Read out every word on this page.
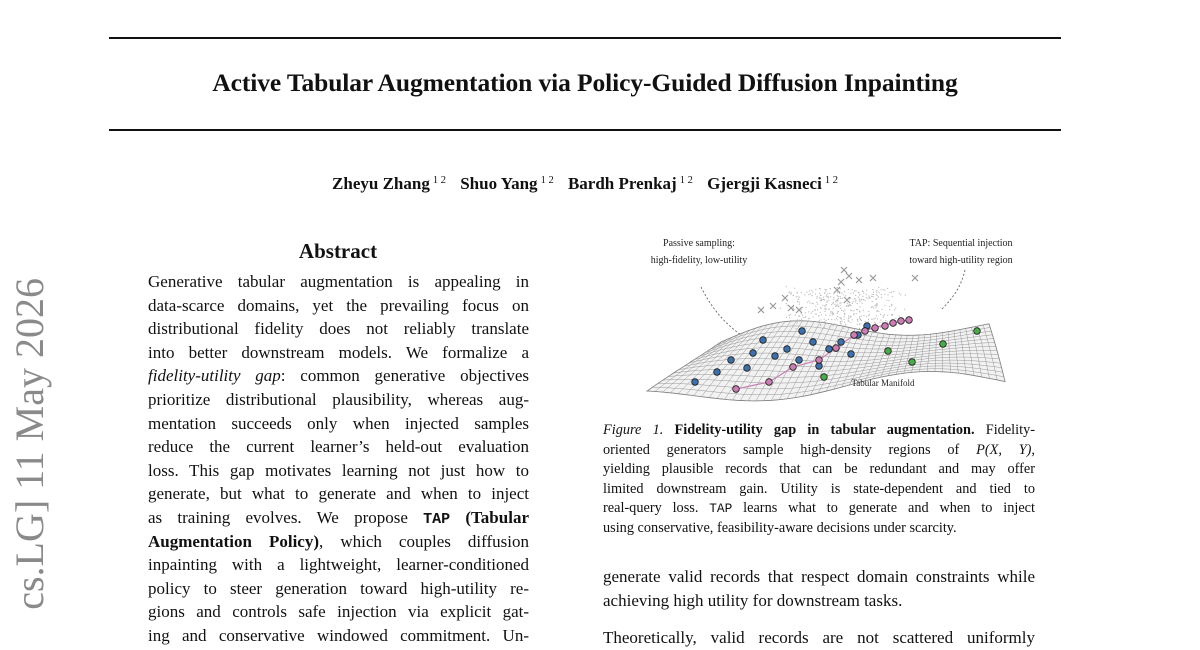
Active Tabular Augmentation via Policy-Guided Diffusion Inpainting
Zheyu Zhang $^{1 2}$ Shuo Yang $^{1 2}$ Bardh Prenkaj $^{1 2}$ Gjergji Kasneci $^{1 2}$
cs.LG] 11 May 2026
Abstract
Generative tabular augmentation is appealing in
data-scarce domains, yet the prevailing focus on
distributional fidelity does not reliably translate
into better downstream models. We formalize a
fidelity-utility gap: common generative objectives
prioritize distributional plausibility, whereas aug-
mentation succeeds only when injected samples
reduce the current learner’s held-out evaluation
loss. This gap motivates learning not just how to
generate, but what to generate and when to inject
as training evolves. We propose TAP (Tabular
Augmentation Policy), which couples diffusion
inpainting with a lightweight, learner-conditioned
policy to steer generation toward high-utility re-
gions and controls safe injection via explicit gat-
ing and conservative windowed commitment. Un-
Passive sampling:
high-fidelity, low-utility
TAP: Sequential injection
toward high-utility region
Tabular Manifold
Figure 1. Fidelity-utility gap in tabular augmentation. Fidelity-
oriented generators sample high-density regions of P(X, Y),
yielding plausible records that can be redundant and may offer
limited downstream gain. Utility is state-dependent and tied to
real-query loss. TAP learns what to generate and when to inject
using conservative, feasibility-aware decisions under scarcity.
generate valid records that respect domain constraints while
achieving high utility for downstream tasks.
Theoretically, valid records are not scattered uniformly
